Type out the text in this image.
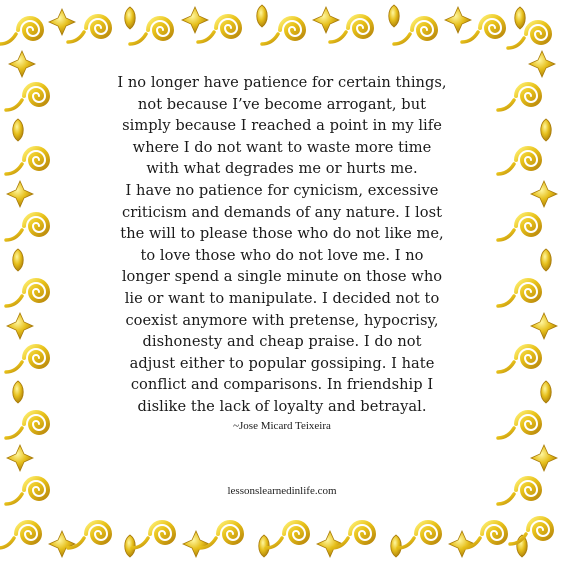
I no longer have patience for certain things,
not because I’ve become arrogant, but
simply because I reached a point in my life
where I do not want to waste more time
with what degrades me or hurts me.
I have no patience for cynicism, excessive
criticism and demands of any nature. I lost
the will to please those who do not like me,
to love those who do not love me. I no
longer spend a single minute on those who
lie or want to manipulate. I decided not to
coexist anymore with pretense, hypocrisy,
dishonesty and cheap praise. I do not
adjust either to popular gossiping. I hate
conflict and comparisons. In friendship I
dislike the lack of loyalty and betrayal.
~Jose Micard Teixeira
lessonslearnedinlife.com
